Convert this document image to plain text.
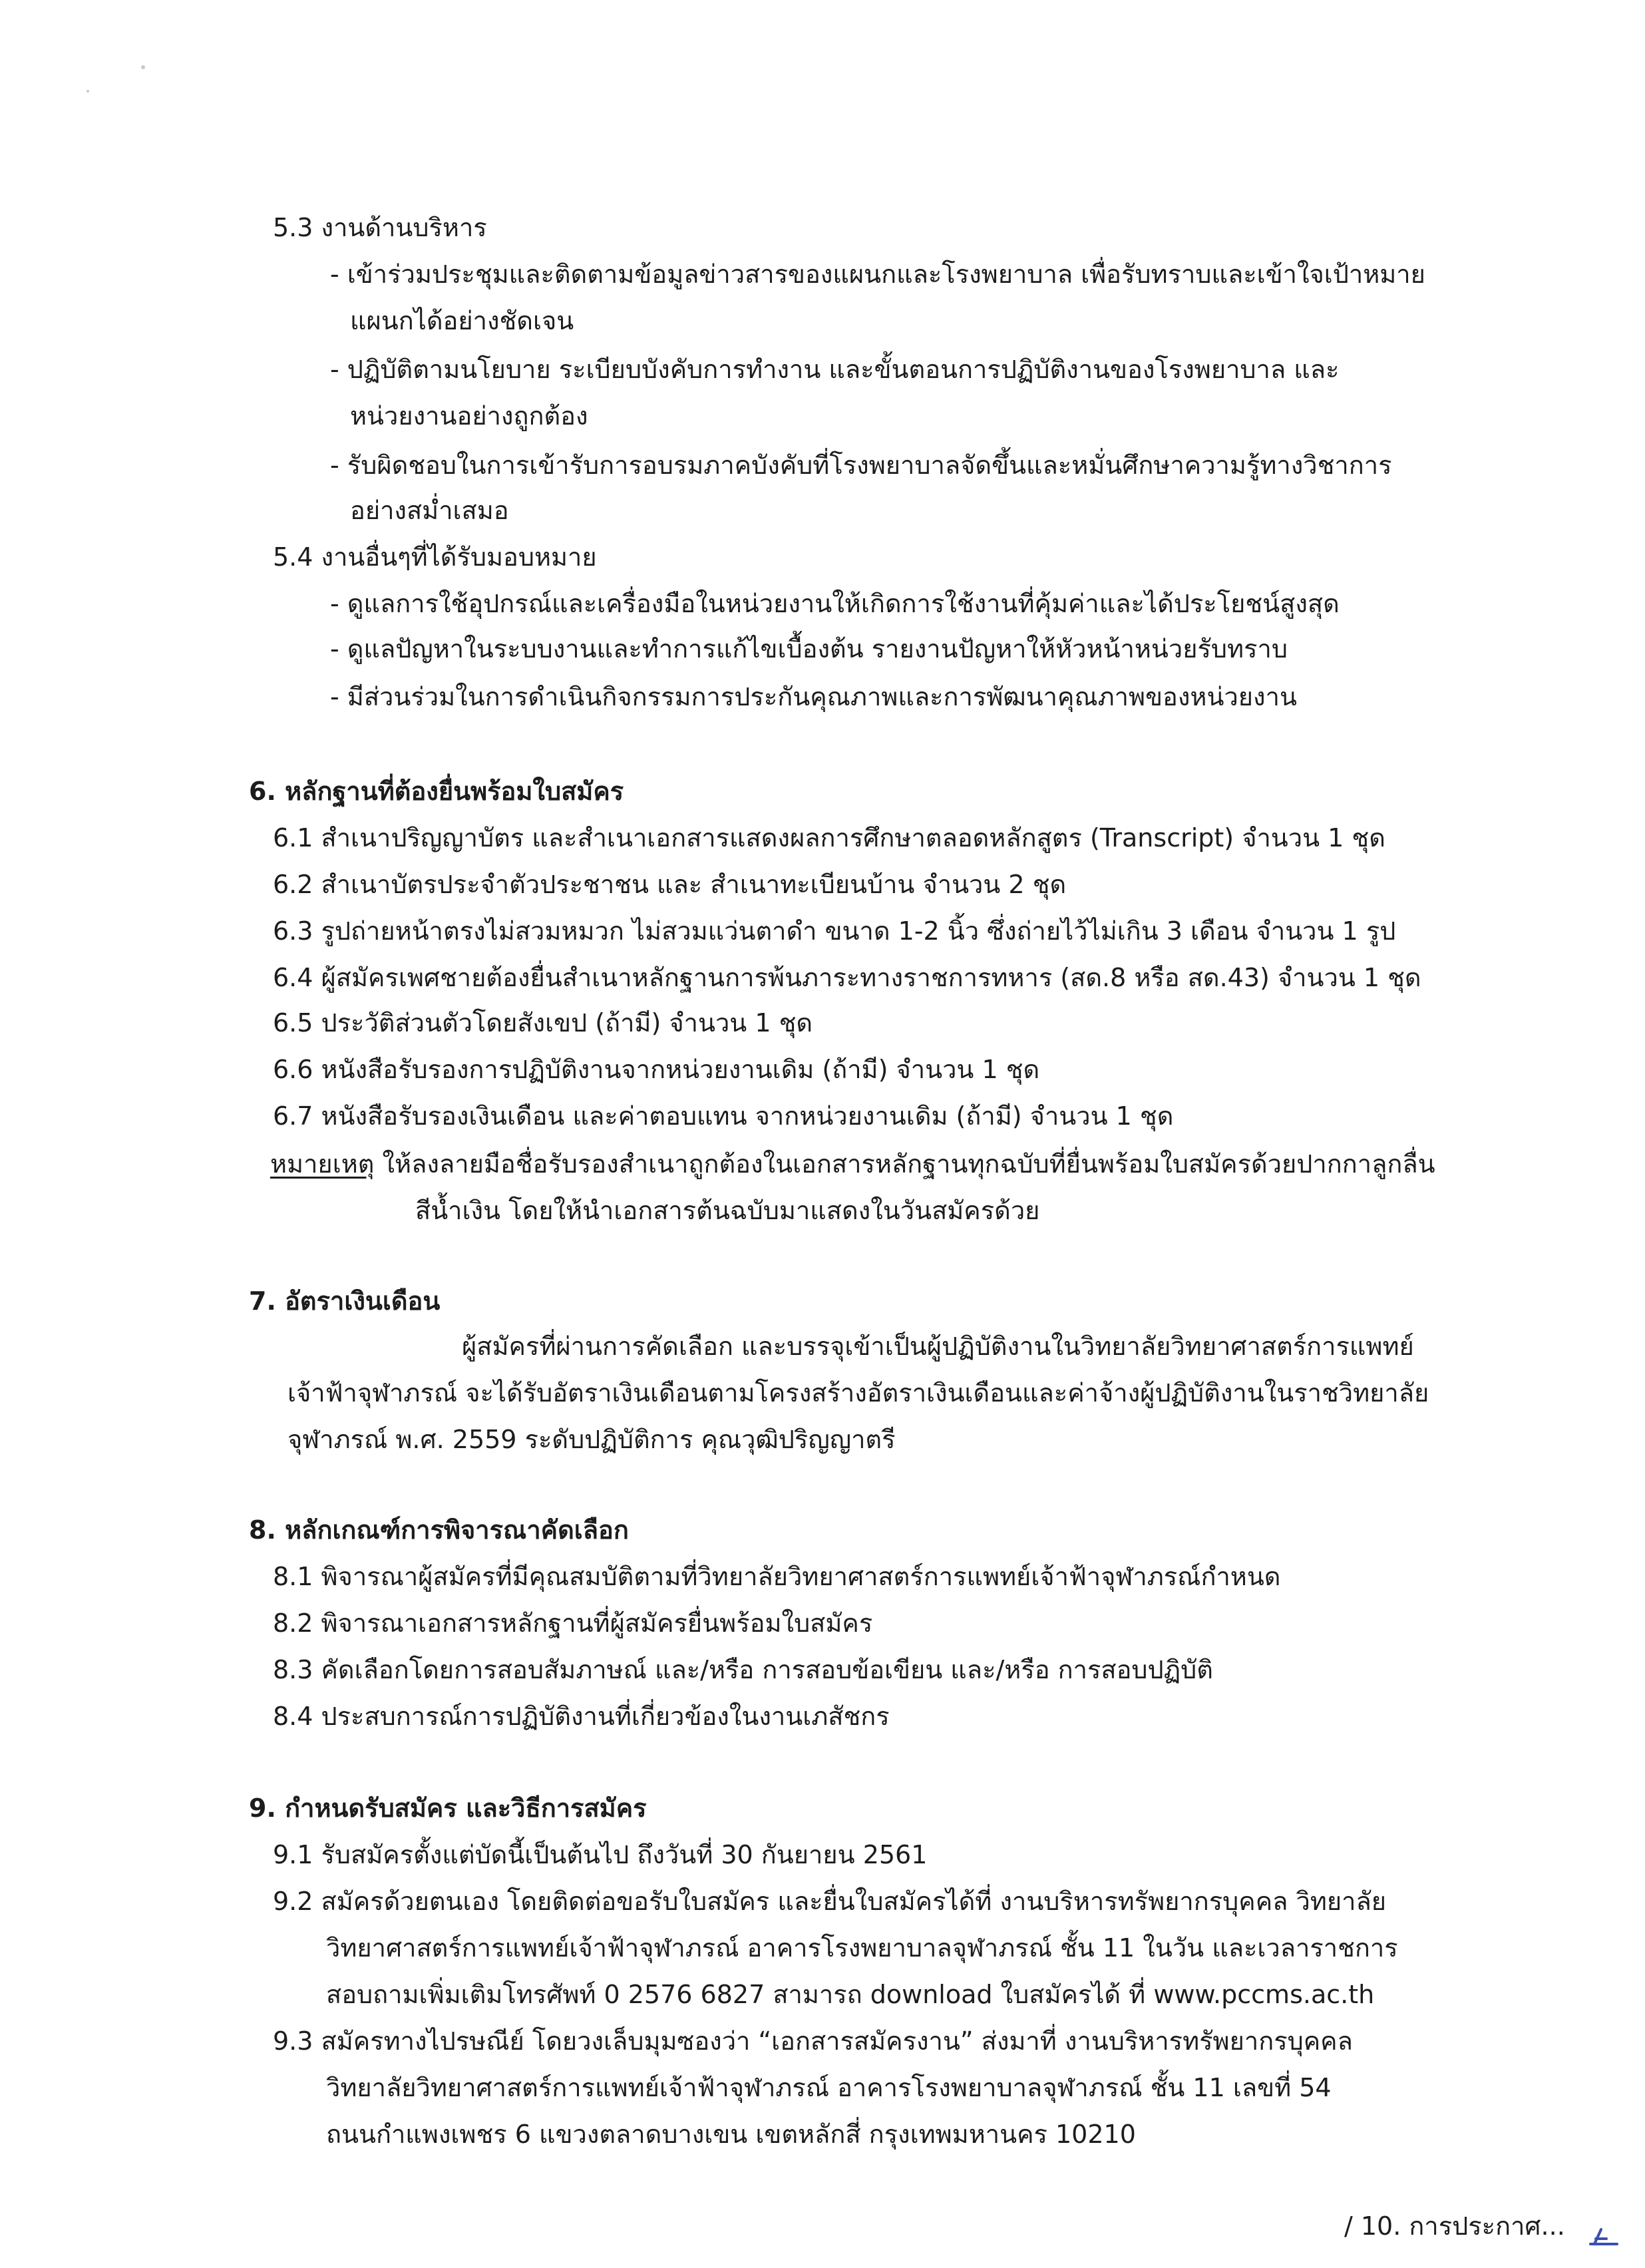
5.3 งานด้านบริหาร
- เข้าร่วมประชุมและติดตามข้อมูลข่าวสารของแผนกและโรงพยาบาล เพื่อรับทราบและเข้าใจเป้าหมาย
แผนกได้อย่างชัดเจน
- ปฏิบัติตามนโยบาย ระเบียบบังคับการทำงาน และขั้นตอนการปฏิบัติงานของโรงพยาบาล และ
หน่วยงานอย่างถูกต้อง
- รับผิดชอบในการเข้ารับการอบรมภาคบังคับที่โรงพยาบาลจัดขึ้นและหมั่นศึกษาความรู้ทางวิชาการ
อย่างสม่ำเสมอ
5.4 งานอื่นๆที่ได้รับมอบหมาย
- ดูแลการใช้อุปกรณ์และเครื่องมือในหน่วยงานให้เกิดการใช้งานที่คุ้มค่าและได้ประโยชน์สูงสุด
- ดูแลปัญหาในระบบงานและทำการแก้ไขเบื้องต้น รายงานปัญหาให้หัวหน้าหน่วยรับทราบ
- มีส่วนร่วมในการดำเนินกิจกรรมการประกันคุณภาพและการพัฒนาคุณภาพของหน่วยงาน
6. หลักฐานที่ต้องยื่นพร้อมใบสมัคร
6.1 สำเนาปริญญาบัตร และสำเนาเอกสารแสดงผลการศึกษาตลอดหลักสูตร (Transcript) จำนวน 1 ชุด
6.2 สำเนาบัตรประจำตัวประชาชน และ สำเนาทะเบียนบ้าน จำนวน 2 ชุด
6.3 รูปถ่ายหน้าตรงไม่สวมหมวก ไม่สวมแว่นตาดำ ขนาด 1-2 นิ้ว ซึ่งถ่ายไว้ไม่เกิน 3 เดือน จำนวน 1 รูป
6.4 ผู้สมัครเพศชายต้องยื่นสำเนาหลักฐานการพ้นภาระทางราชการทหาร (สด.8 หรือ สด.43) จำนวน 1 ชุด
6.5 ประวัติส่วนตัวโดยสังเขป (ถ้ามี) จำนวน 1 ชุด
6.6 หนังสือรับรองการปฏิบัติงานจากหน่วยงานเดิม (ถ้ามี) จำนวน 1 ชุด
6.7 หนังสือรับรองเงินเดือน และค่าตอบแทน จากหน่วยงานเดิม (ถ้ามี) จำนวน 1 ชุด
หมายเหตุ ให้ลงลายมือชื่อรับรองสำเนาถูกต้องในเอกสารหลักฐานทุกฉบับที่ยื่นพร้อมใบสมัครด้วยปากกาลูกลื่น
สีน้ำเงิน โดยให้นำเอกสารต้นฉบับมาแสดงในวันสมัครด้วย
7. อัตราเงินเดือน
ผู้สมัครที่ผ่านการคัดเลือก และบรรจุเข้าเป็นผู้ปฏิบัติงานในวิทยาลัยวิทยาศาสตร์การแพทย์
เจ้าฟ้าจุฬาภรณ์ จะได้รับอัตราเงินเดือนตามโครงสร้างอัตราเงินเดือนและค่าจ้างผู้ปฏิบัติงานในราชวิทยาลัย
จุฬาภรณ์ พ.ศ. 2559 ระดับปฏิบัติการ คุณวุฒิปริญญาตรี
8. หลักเกณฑ์การพิจารณาคัดเลือก
8.1 พิจารณาผู้สมัครที่มีคุณสมบัติตามที่วิทยาลัยวิทยาศาสตร์การแพทย์เจ้าฟ้าจุฬาภรณ์กำหนด
8.2 พิจารณาเอกสารหลักฐานที่ผู้สมัครยื่นพร้อมใบสมัคร
8.3 คัดเลือกโดยการสอบสัมภาษณ์ และ/หรือ การสอบข้อเขียน และ/หรือ การสอบปฏิบัติ
8.4 ประสบการณ์การปฏิบัติงานที่เกี่ยวข้องในงานเภสัชกร
9. กำหนดรับสมัคร และวิธีการสมัคร
9.1 รับสมัครตั้งแต่บัดนี้เป็นต้นไป ถึงวันที่ 30 กันยายน 2561
9.2 สมัครด้วยตนเอง โดยติดต่อขอรับใบสมัคร และยื่นใบสมัครได้ที่ งานบริหารทรัพยากรบุคคล วิทยาลัย
วิทยาศาสตร์การแพทย์เจ้าฟ้าจุฬาภรณ์ อาคารโรงพยาบาลจุฬาภรณ์ ชั้น 11 ในวัน และเวลาราชการ
สอบถามเพิ่มเติมโทรศัพท์ 0 2576 6827 สามารถ download ใบสมัครได้ ที่ www.pccms.ac.th
9.3 สมัครทางไปรษณีย์ โดยวงเล็บมุมซองว่า “เอกสารสมัครงาน” ส่งมาที่ งานบริหารทรัพยากรบุคคล
วิทยาลัยวิทยาศาสตร์การแพทย์เจ้าฟ้าจุฬาภรณ์ อาคารโรงพยาบาลจุฬาภรณ์ ชั้น 11 เลขที่ 54
ถนนกำแพงเพชร 6 แขวงตลาดบางเขน เขตหลักสี่ กรุงเทพมหานคร 10210
/ 10. การประกาศ...
